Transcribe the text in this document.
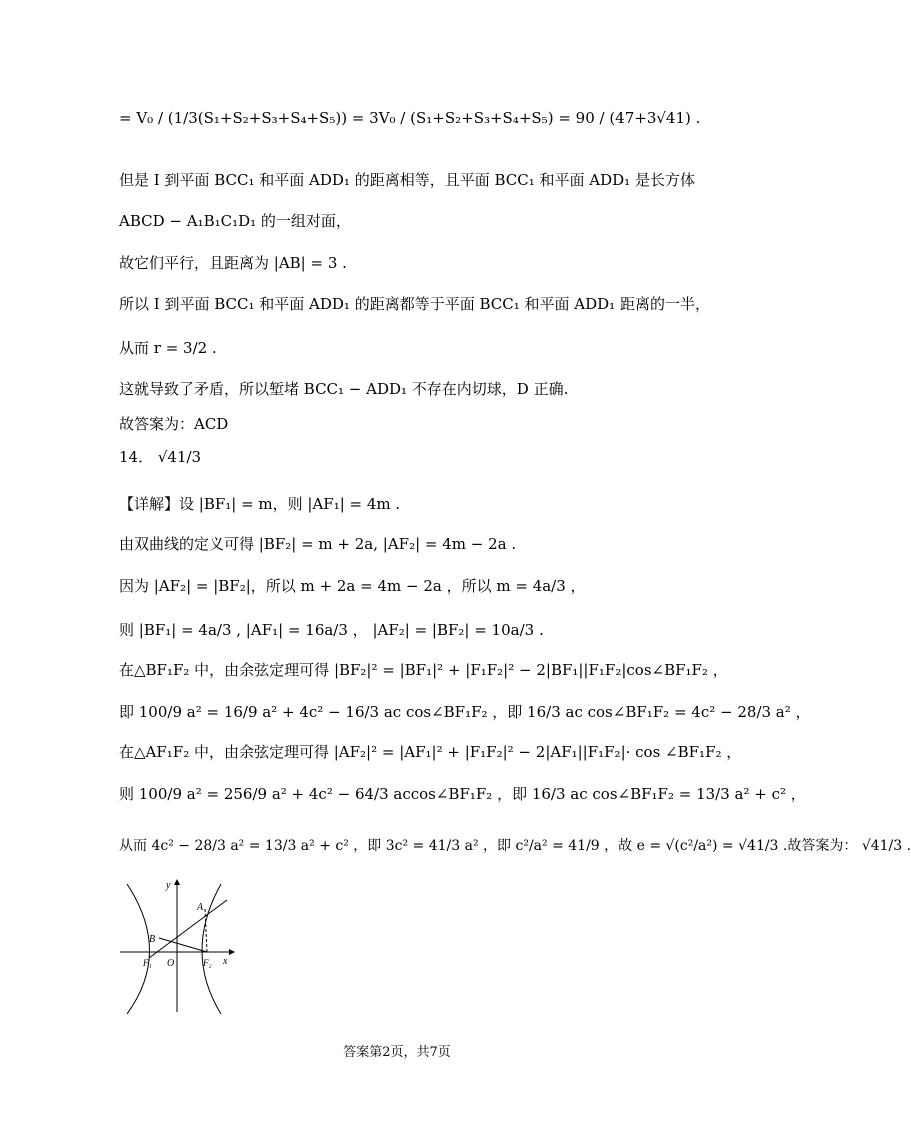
= V₀ / (1/3(S₁+S₂+S₃+S₄+S₅)) = 3V₀ / (S₁+S₂+S₃+S₄+S₅) = 90 / (47+3√41) .
但是 I 到平面 BCC₁ 和平面 ADD₁ 的距离相等，且平面 BCC₁ 和平面 ADD₁ 是长方体
ABCD − A₁B₁C₁D₁ 的一组对面，
故它们平行，且距离为 |AB| = 3 .
所以 I 到平面 BCC₁ 和平面 ADD₁ 的距离都等于平面 BCC₁ 和平面 ADD₁ 距离的一半，
从而 r = 3/2 .
这就导致了矛盾，所以堑堵 BCC₁ − ADD₁ 不存在内切球，D 正确.
故答案为：ACD
14． √41/3
【详解】设 |BF₁| = m，则 |AF₁| = 4m .
由双曲线的定义可得 |BF₂| = m + 2a, |AF₂| = 4m − 2a .
因为 |AF₂| = |BF₂|，所以 m + 2a = 4m − 2a ，所以 m = 4a/3 ，
则 |BF₁| = 4a/3 , |AF₁| = 16a/3 ， |AF₂| = |BF₂| = 10a/3 .
在△BF₁F₂ 中，由余弦定理可得 |BF₂|² = |BF₁|² + |F₁F₂|² − 2|BF₁||F₁F₂|cos∠BF₁F₂ ，
即 100/9 a² = 16/9 a² + 4c² − 16/3 ac cos∠BF₁F₂ ，即 16/3 ac cos∠BF₁F₂ = 4c² − 28/3 a² ，
在△AF₁F₂ 中，由余弦定理可得 |AF₂|² = |AF₁|² + |F₁F₂|² − 2|AF₁||F₁F₂|· cos ∠BF₁F₂ ，
则 100/9 a² = 256/9 a² + 4c² − 64/3 accos∠BF₁F₂ ，即 16/3 ac cos∠BF₁F₂ = 13/3 a² + c² ，
从而 4c² − 28/3 a² = 13/3 a² + c² ，即 3c² = 41/3 a² ，即 c²/a² = 41/9 ，故 e = √(c²/a²) = √41/3 .故答案为： √41/3 .
y
x
A
B
F₁ O	F₂
答案第2页，共7页
